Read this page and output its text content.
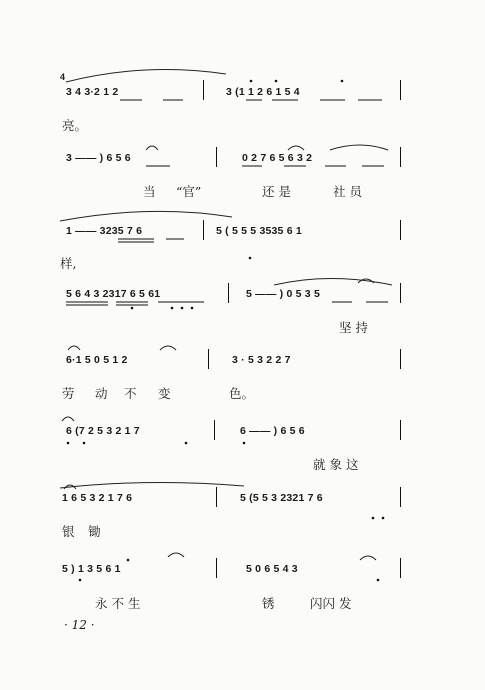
4
3 4 3·2 1 2	3 (1 1 2 6 1 5 4
亮。
3 —— ) 6 5 6	0 2 7 6 5 6 3 2
当 “官”	还 是	社 员
1 —— 3235 7 6	5 ( 5 5 5 3535 6 1
样,
5 6 4 3 2317 6 5 61	5 —— ) 0 5 3 5
坚 持
6·1 5 0 5 1 2	3 · 5 3 2 2 7
劳 动 不 变	色。
6 (7 2 5 3 2 1 7	6 —— ) 6 5 6
就 象 这
1 6 5 3 2 1 7 6	5 (5 5 3 2321 7 6
银 锄
5 ) 1 3 5 6 1	5 0 6 5 4 3
永 不 生	锈	闪闪 发
· 12 ·
